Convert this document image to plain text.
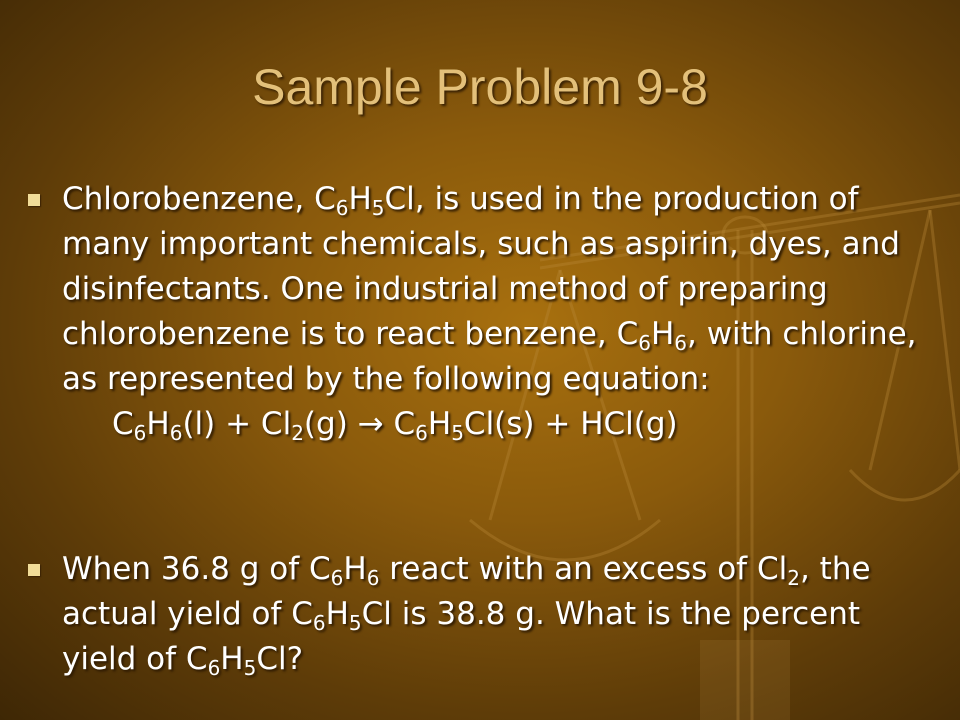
Sample Problem 9-8
Chlorobenzene, $C_6H_5Cl$, is used in the production of many important chemicals, such as aspirin, dyes, and disinfectants. One industrial method of preparing chlorobenzene is to react benzene, $C_6H_6$, with chlorine, as represented by the following equation:
$C_6H_6(l) + Cl_2(g) \to C_6H_5Cl(s) + HCl(g)$
When 36.8 g of $C_6H_6$ react with an excess of $Cl_2$, the actual yield of $C_6H_5Cl$ is 38.8 g. What is the percent yield of $C_6H_5Cl$?
